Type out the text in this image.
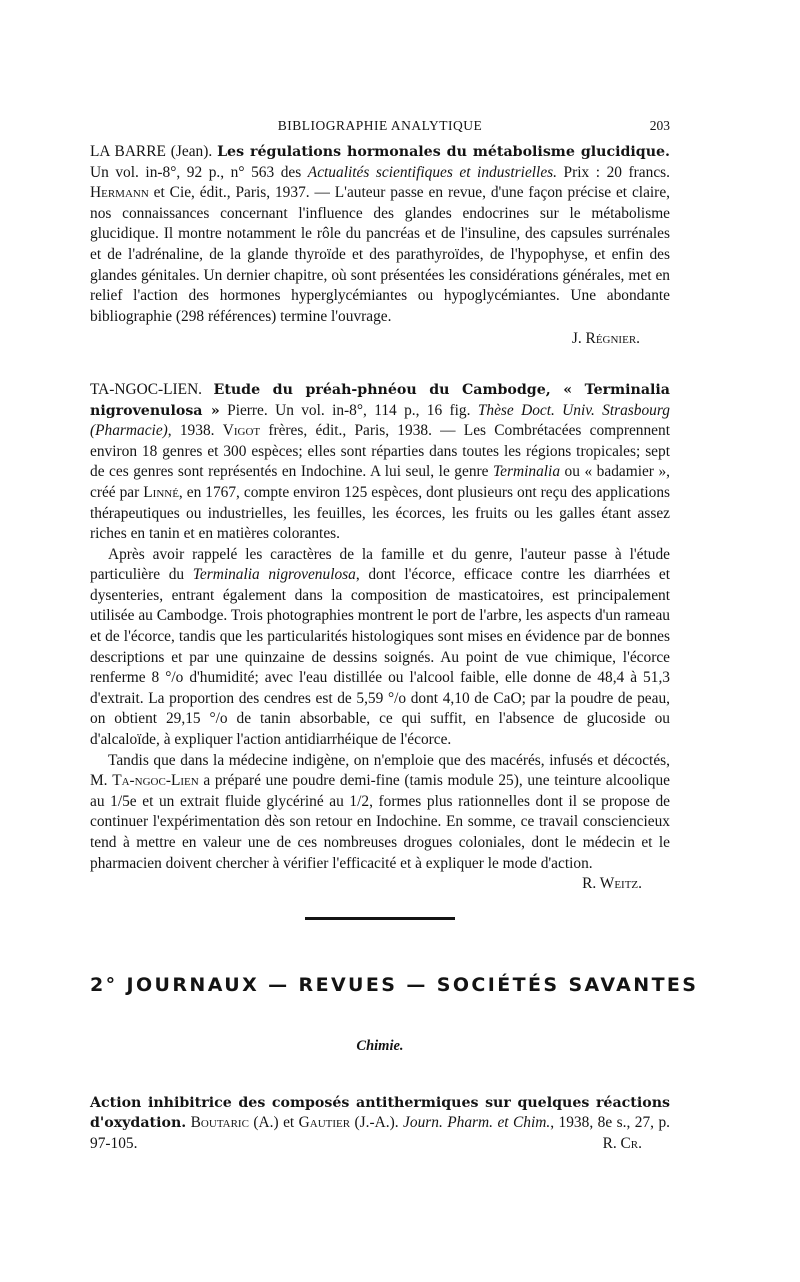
BIBLIOGRAPHIE ANALYTIQUE	203

LA BARRE (Jean). Les régulations hormonales du métabolisme glucidique. Un vol. in-8°, 92 p., n° 563 des Actualités scientifiques et industrielles. Prix : 20 francs. Hermann et Cie, édit., Paris, 1937. — L'auteur passe en revue, d'une façon précise et claire, nos connaissances concernant l'influence des glandes endocrines sur le métabolisme glucidique. Il montre notamment le rôle du pancréas et de l'insuline, des capsules surrénales et de l'adrénaline, de la glande thyroïde et des parathyroïdes, de l'hypophyse, et enfin des glandes génitales. Un dernier chapitre, où sont présentées les considérations générales, met en relief l'action des hormones hyperglycémiantes ou hypoglycémiantes. Une abondante bibliographie (298 références) termine l'ouvrage.

J. Régnier.

TA-NGOC-LIEN. Etude du préah-phnéou du Cambodge, « Terminalia nigrovenulosa » Pierre. Un vol. in-8°, 114 p., 16 fig. Thèse Doct. Univ. Strasbourg (Pharmacie), 1938. Vigot frères, édit., Paris, 1938. — Les Combrétacées comprennent environ 18 genres et 300 espèces; elles sont réparties dans toutes les régions tropicales; sept de ces genres sont représentés en Indochine. A lui seul, le genre Terminalia ou « badamier », créé par Linné, en 1767, compte environ 125 espèces, dont plusieurs ont reçu des applications thérapeutiques ou industrielles, les feuilles, les écorces, les fruits ou les galles étant assez riches en tanin et en matières colorantes.

Après avoir rappelé les caractères de la famille et du genre, l'auteur passe à l'étude particulière du Terminalia nigrovenulosa, dont l'écorce, efficace contre les diarrhées et dysenteries, entrant également dans la composition de masticatoires, est principalement utilisée au Cambodge. Trois photographies montrent le port de l'arbre, les aspects d'un rameau et de l'écorce, tandis que les particularités histologiques sont mises en évidence par de bonnes descriptions et par une quinzaine de dessins soignés. Au point de vue chimique, l'écorce renferme 8 °/o d'humidité; avec l'eau distillée ou l'alcool faible, elle donne de 48,4 à 51,3 d'extrait. La proportion des cendres est de 5,59 °/o dont 4,10 de CaO; par la poudre de peau, on obtient 29,15 °/o de tanin absorbable, ce qui suffit, en l'absence de glucoside ou d'alcaloïde, à expliquer l'action antidiarrhéique de l'écorce.

Tandis que dans la médecine indigène, on n'emploie que des macérés, infusés et décoctés, M. Ta-ngoc-Lien a préparé une poudre demi-fine (tamis module 25), une teinture alcoolique au 1/5e et un extrait fluide glycériné au 1/2, formes plus rationnelles dont il se propose de continuer l'expérimentation dès son retour en Indochine. En somme, ce travail consciencieux tend à mettre en valeur une de ces nombreuses drogues coloniales, dont le médecin et le pharmacien doivent chercher à vérifier l'efficacité et à expliquer le mode d'action.
R. Weitz.

2° JOURNAUX — REVUES — SOCIÉTÉS SAVANTES
Chimie.

Action inhibitrice des composés antithermiques sur quelques réactions d'oxydation. Boutaric (A.) et Gautier (J.-A.). Journ. Pharm. et Chim., 1938, 8e s., 27, p. 97-105.	R. Cr.
